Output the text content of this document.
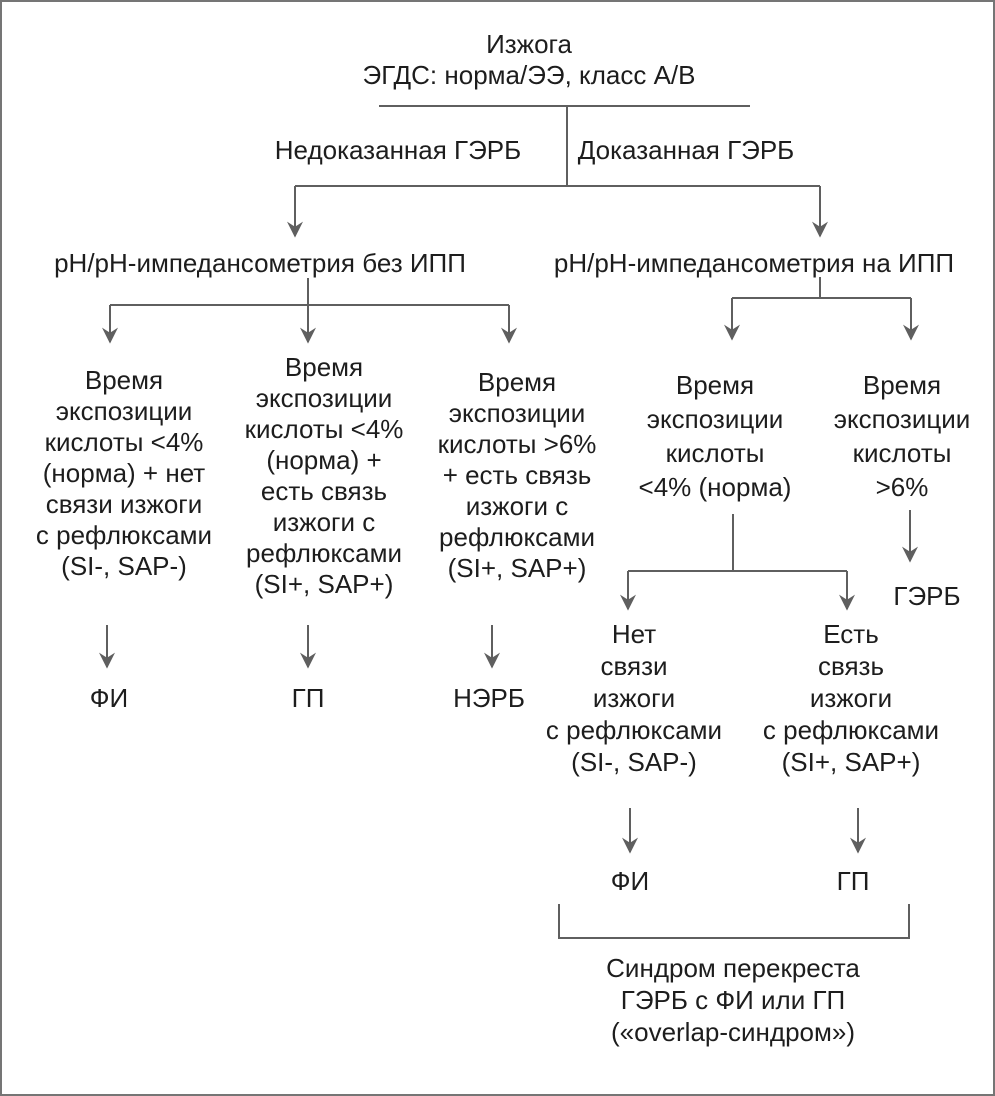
Изжога
ЭГДС: норма/ЭЭ, класс А/В
Недоказанная ГЭРБ Доказанная ГЭРБ
pH/pH-импедансометрия без ИПП	pH/pH-импедансометрия на ИПП
Время
экспозиции
кислоты <4%
(норма) + нет
связи изжоги
с рефлюксами
(SI-, SAP-)
Время
экспозиции
кислоты <4%
(норма) +
есть связь
изжоги с
рефлюксами
(SI+, SAP+)
Время
экспозиции
кислоты >6%
+ есть связь
изжоги с
рефлюксами
(SI+, SAP+)
Время
экспозиции
кислоты
<4% (норма)
Время
экспозиции
кислоты
>6%
ФИ	ГП	НЭРБ
ГЭРБ
Нет
связи
изжоги
с рефлюксами
(SI-, SAP-)
Есть
связь
изжоги
с рефлюксами
(SI+, SAP+)
ФИ	ГП
Синдром перекреста
ГЭРБ с ФИ или ГП
(«overlap-синдром»)
